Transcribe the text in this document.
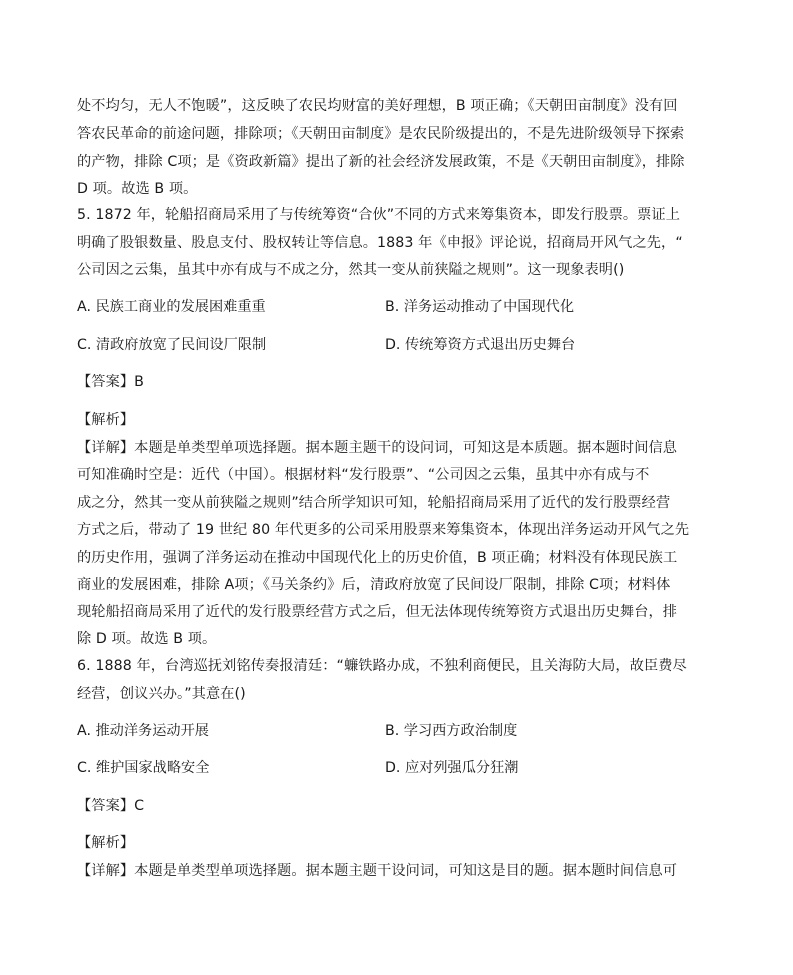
处不均匀，无人不饱暖”，这反映了农民均财富的美好理想，B 项正确；《天朝田亩制度》没有回
答农民革命的前途问题，排除项；《天朝田亩制度》是农民阶级提出的，不是先进阶级领导下探索
的产物，排除 C项；是《资政新篇》提出了新的社会经济发展政策，不是《天朝田亩制度》，排除
D 项。故选 B 项。
5. 1872 年，轮船招商局采用了与传统筹资“合伙”不同的方式来筹集资本，即发行股票。票证上
明确了股银数量、股息支付、股权转让等信息。1883 年《申报》评论说，招商局开风气之先，“
公司因之云集，虽其中亦有成与不成之分，然其一变从前狭隘之规则”。这一现象表明()
A. 民族工商业的发展困难重重	B. 洋务运动推动了中国现代化
C. 清政府放宽了民间设厂限制	D. 传统筹资方式退出历史舞台
【答案】B
【解析】
【详解】本题是单类型单项选择题。据本题主题干的设问词，可知这是本质题。据本题时间信息
可知准确时空是：近代（中国）。根据材料“发行股票”、“公司因之云集，虽其中亦有成与不
成之分，然其一变从前狭隘之规则”结合所学知识可知，轮船招商局采用了近代的发行股票经营
方式之后，带动了 19 世纪 80 年代更多的公司采用股票来筹集资本，体现出洋务运动开风气之先
的历史作用，强调了洋务运动在推动中国现代化上的历史价值，B 项正确；材料没有体现民族工
商业的发展困难，排除 A项；《马关条约》后，清政府放宽了民间设厂限制，排除 C项；材料体
现轮船招商局采用了近代的发行股票经营方式之后，但无法体现传统筹资方式退出历史舞台，排
除 D 项。故选 B 项。
6. 1888 年，台湾巡抚刘铭传奏报清廷：“蠊铁路办成，不独利商便民，且关海防大局，故臣费尽
经营，创议兴办。”其意在()
A. 推动洋务运动开展	B. 学习西方政治制度
C. 维护国家战略安全	D. 应对列强瓜分狂潮
【答案】C
【解析】
【详解】本题是单类型单项选择题。据本题主题干设问词，可知这是目的题。据本题时间信息可
